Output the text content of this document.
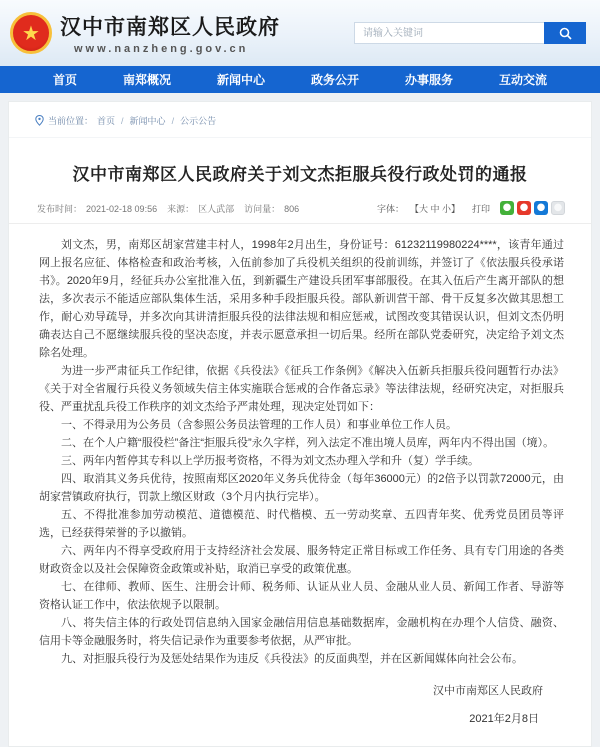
★ 汉中市南郑区人民政府
www.nanzheng.gov.cn
请输入关键词
首页	南郑概况	新闻中心	政务公开	办事服务	互动交流
当前位置： 首页 / 新闻中心 / 公示公告
汉中市南郑区人民政府关于刘文杰拒服兵役行政处罚的通报
发布时间： 2021-02-18 09:56 来源： 区人武部 访问量： 806	字体： 【大 中 小】 打印

刘文杰，男，南郑区胡家营建丰村人，1998年2月出生，身份证号：61232119980224****，该青年通过网上报名应征、体格检查和政治考核，入伍前参加了兵役机关组织的役前训练，并签订了《依法服兵役承诺书》。2020年9月，经征兵办公室批准入伍，到新疆生产建设兵团军事部服役。在其入伍后产生离开部队的想法，多次表示不能适应部队集体生活，采用多种手段拒服兵役。部队新训营干部、骨干反复多次做其思想工作，耐心劝导疏导，并多次向其讲清拒服兵役的法律法规和相应惩戒，试图改变其错误认识，但刘文杰仍明确表达自己不愿继续服兵役的坚决态度，并表示愿意承担一切后果。经所在部队党委研究，决定给予刘文杰除名处理。

为进一步严肃征兵工作纪律，依据《兵役法》《征兵工作条例》《解决入伍新兵拒服兵役问题暂行办法》《关于对全省履行兵役义务领域失信主体实施联合惩戒的合作备忘录》等法律法规，经研究决定，对拒服兵役、严重扰乱兵役工作秩序的刘文杰给予严肃处理，现决定处罚如下：

一、不得录用为公务员（含参照公务员法管理的工作人员）和事业单位工作人员。

二、在个人户籍“服役栏”备注“拒服兵役”永久字样，列入法定不准出境人员库，两年内不得出国（境）。

三、两年内暂停其专科以上学历报考资格，不得为刘文杰办理入学和升（复）学手续。

四、取消其义务兵优待，按照南郑区2020年义务兵优待金（每年36000元）的2倍予以罚款72000元，由胡家营镇政府执行，罚款上缴区财政（3个月内执行完毕）。

五、不得批准参加劳动模范、道德模范、时代楷模、五一劳动奖章、五四青年奖、优秀党员团员等评选，已经获得荣誉的予以撤销。

六、两年内不得享受政府用于支持经济社会发展、服务特定正常目标或工作任务、具有专门用途的各类财政资金以及社会保障资金政策或补贴，取消已享受的政策优惠。

七、在律师、教师、医生、注册会计师、税务师、认证从业人员、金融从业人员、新闻工作者、导游等资格认证工作中，依法依规予以限制。

八、将失信主体的行政处罚信息纳入国家金融信用信息基础数据库，金融机构在办理个人信贷、融资、信用卡等金融服务时，将失信记录作为重要参考依据，从严审批。

九、对拒服兵役行为及惩处结果作为违反《兵役法》的反面典型，并在区新闻媒体向社会公布。

汉中市南郑区人民政府
2021年2月8日
